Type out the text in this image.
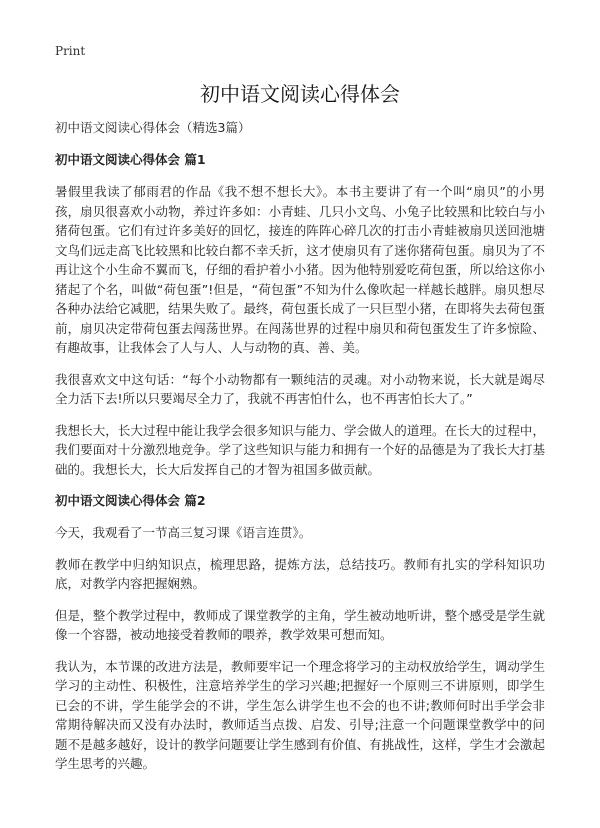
Print
初中语文阅读心得体会

初中语文阅读心得体会（精选3篇）

初中语文阅读心得体会 篇1

暑假里我读了郁雨君的作品《我不想不想长大》。本书主要讲了有一个叫“扇贝”的小男孩，扇贝很喜欢小动物，养过许多如：小青蛙、几只小文鸟、小兔子比较黑和比较白与小猪荷包蛋。它们有过许多美好的回忆，接连的阵阵心碎几次的打击小青蛙被扇贝送回池塘文鸟们远走高飞比较黑和比较白都不幸夭折，这才使扇贝有了迷你猪荷包蛋。扇贝为了不再让这个小生命不翼而飞，仔细的看护着小小猪。因为他特别爱吃荷包蛋，所以给这你小猪起了个名，叫做“荷包蛋”!但是，“荷包蛋”不知为什么像吹起一样越长越胖。扇贝想尽各种办法给它减肥，结果失败了。最终，荷包蛋长成了一只巨型小猪，在即将失去荷包蛋前，扇贝决定带荷包蛋去闯荡世界。在闯荡世界的过程中扇贝和荷包蛋发生了许多惊险、有趣故事，让我体会了人与人、人与动物的真、善、美。

我很喜欢文中这句话：“每个小动物都有一颗纯洁的灵魂。对小动物来说，长大就是竭尽全力活下去!所以只要竭尽全力了，我就不再害怕什么，也不再害怕长大了。”

我想长大，长大过程中能让我学会很多知识与能力、学会做人的道理。在长大的过程中，我们要面对十分激烈地竞争。学了这些知识与能力和拥有一个好的品德是为了我长大打基础的。我想长大，长大后发挥自己的才智为祖国多做贡献。

初中语文阅读心得体会 篇2

今天，我观看了一节高三复习课《语言连贯》。

教师在教学中归纳知识点，梳理思路，提炼方法，总结技巧。教师有扎实的学科知识功底，对教学内容把握娴熟。

但是，整个教学过程中，教师成了课堂教学的主角，学生被动地听讲，整个感受是学生就像一个容器，被动地接受着教师的喂养，教学效果可想而知。

我认为，本节课的改进方法是，教师要牢记一个理念将学习的主动权放给学生，调动学生学习的主动性、积极性，注意培养学生的学习兴趣;把握好一个原则三不讲原则，即学生已会的不讲，学生能学会的不讲，学生怎么讲学生也不会的也不讲;教师何时出手学会非常期待解决而又没有办法时，教师适当点拨、启发、引导;注意一个问题课堂教学中的问题不是越多越好，设计的教学问题要让学生感到有价值、有挑战性，这样，学生才会激起学生思考的兴趣。
